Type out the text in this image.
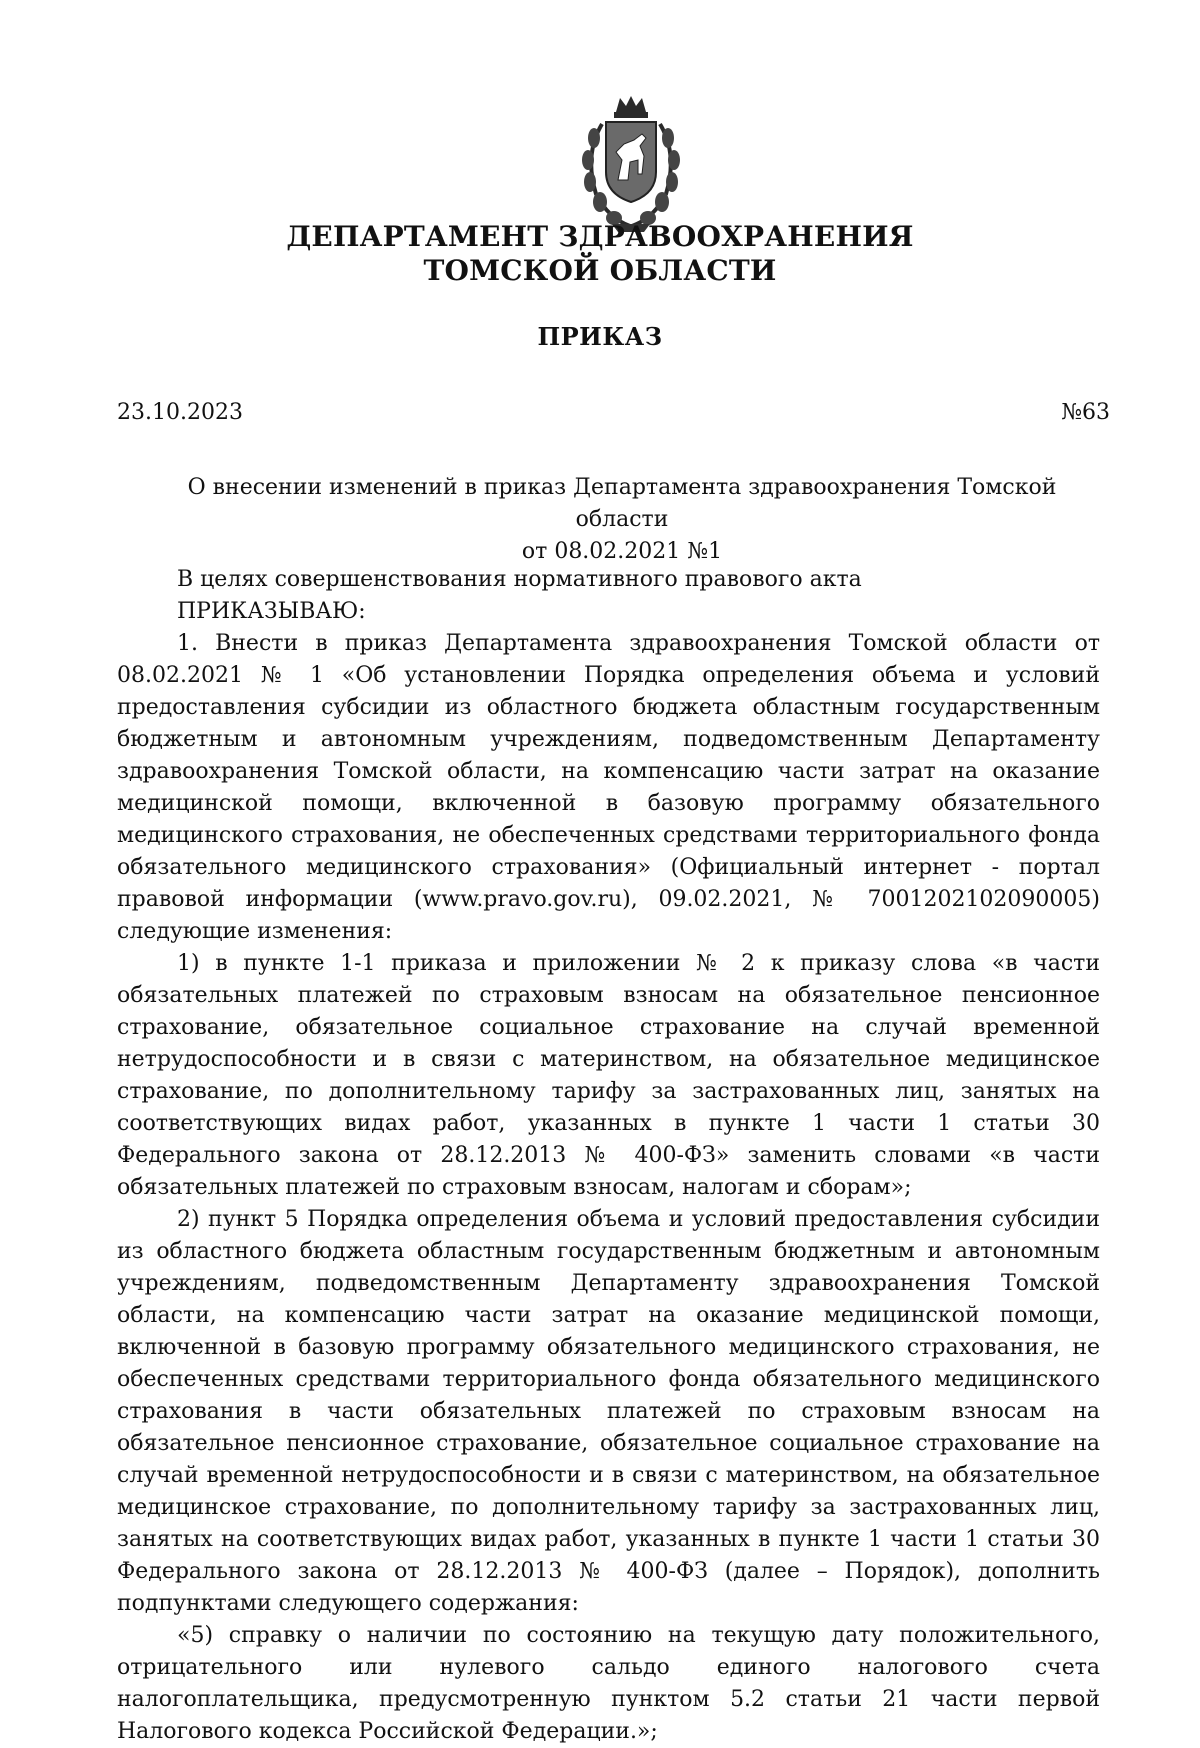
ДЕПАРТАМЕНТ ЗДРАВООХРАНЕНИЯ
ТОМСКОЙ ОБЛАСТИ
ПРИКАЗ
23.10.2023	№63
О внесении изменений в приказ Департамента здравоохранения Томской области
от 08.02.2021 №1

В целях совершенствования нормативного правового акта

ПРИКАЗЫВАЮ:

1. Внести в приказ Департамента здравоохранения Томской области от 08.02.2021 № 1 «Об установлении Порядка определения объема и условий предоставления субсидии из областного бюджета областным государственным бюджетным и автономным учреждениям, подведомственным Департаменту здравоохранения Томской области, на компенсацию части затрат на оказание медицинской помощи, включенной в базовую программу обязательного медицинского страхования, не обеспеченных средствами территориального фонда обязательного медицинского страхования» (Официальный интернет - портал правовой информации (www.pravo.gov.ru), 09.02.2021, № 7001202102090005) следующие изменения:

1) в пункте 1-1 приказа и приложении № 2 к приказу слова «в части обязательных платежей по страховым взносам на обязательное пенсионное страхование, обязательное социальное страхование на случай временной нетрудоспособности и в связи с материнством, на обязательное медицинское страхование, по дополнительному тарифу за застрахованных лиц, занятых на соответствующих видах работ, указанных в пункте 1 части 1 статьи 30 Федерального закона от 28.12.2013 № 400-ФЗ» заменить словами «в части обязательных платежей по страховым взносам, налогам и сборам»;

2) пункт 5 Порядка определения объема и условий предоставления субсидии из областного бюджета областным государственным бюджетным и автономным учреждениям, подведомственным Департаменту здравоохранения Томской области, на компенсацию части затрат на оказание медицинской помощи, включенной в базовую программу обязательного медицинского страхования, не обеспеченных средствами территориального фонда обязательного медицинского страхования в части обязательных платежей по страховым взносам на обязательное пенсионное страхование, обязательное социальное страхование на случай временной нетрудоспособности и в связи с материнством, на обязательное медицинское страхование, по дополнительному тарифу за застрахованных лиц, занятых на соответствующих видах работ, указанных в пункте 1 части 1 статьи 30 Федерального закона от 28.12.2013 № 400-ФЗ (далее – Порядок), дополнить подпунктами следующего содержания:

«5) справку о наличии по состоянию на текущую дату положительного, отрицательного или нулевого сальдо единого налогового счета налогоплательщика, предусмотренную пунктом 5.2 статьи 21 части первой Налогового кодекса Российской Федерации.»;
